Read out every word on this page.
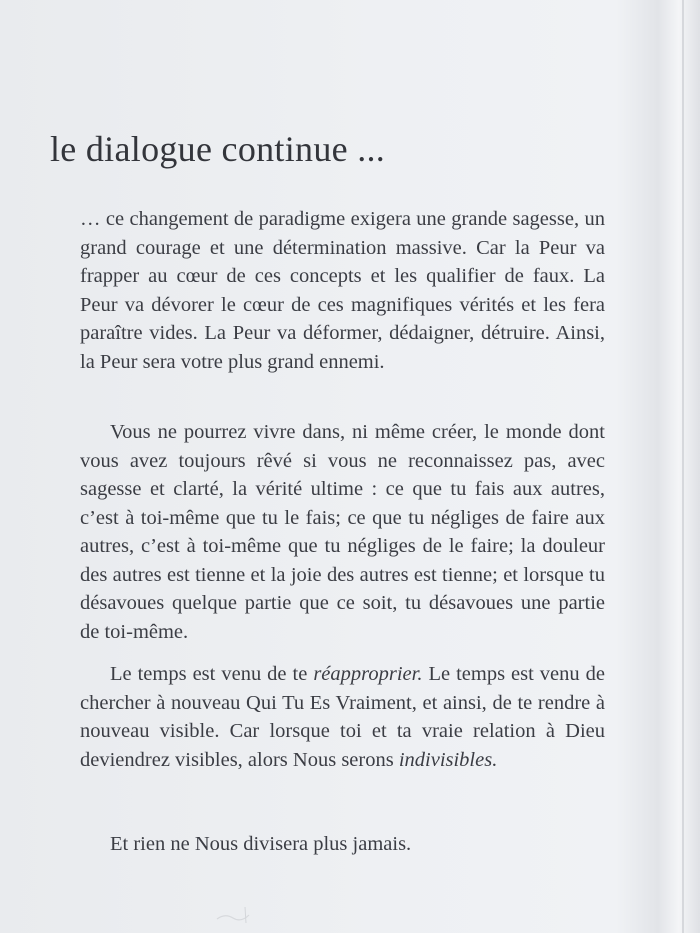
le dialogue continue ...

… ce changement de paradigme exigera une grande sagesse, un grand courage et une détermination massive. Car la Peur va frapper au cœur de ces concepts et les qualifier de faux. La Peur va dévorer le cœur de ces magnifiques vérités et les fera paraître vides. La Peur va déformer, dédaigner, détruire. Ainsi, la Peur sera votre plus grand ennemi.

Vous ne pourrez vivre dans, ni même créer, le monde dont vous avez toujours rêvé si vous ne reconnaissez pas, avec sagesse et clarté, la vérité ultime : ce que tu fais aux autres, c’est à toi-même que tu le fais; ce que tu négliges de faire aux autres, c’est à toi-même que tu négliges de le faire; la douleur des autres est tienne et la joie des autres est tienne; et lorsque tu désavoues quelque partie que ce soit, tu désavoues une partie de toi-même.

Le temps est venu de te réapproprier. Le temps est venu de chercher à nouveau Qui Tu Es Vraiment, et ainsi, de te rendre à nouveau visible. Car lorsque toi et ta vraie relation à Dieu deviendrez visibles, alors Nous serons indivisibles.

Et rien ne Nous divisera plus jamais.
